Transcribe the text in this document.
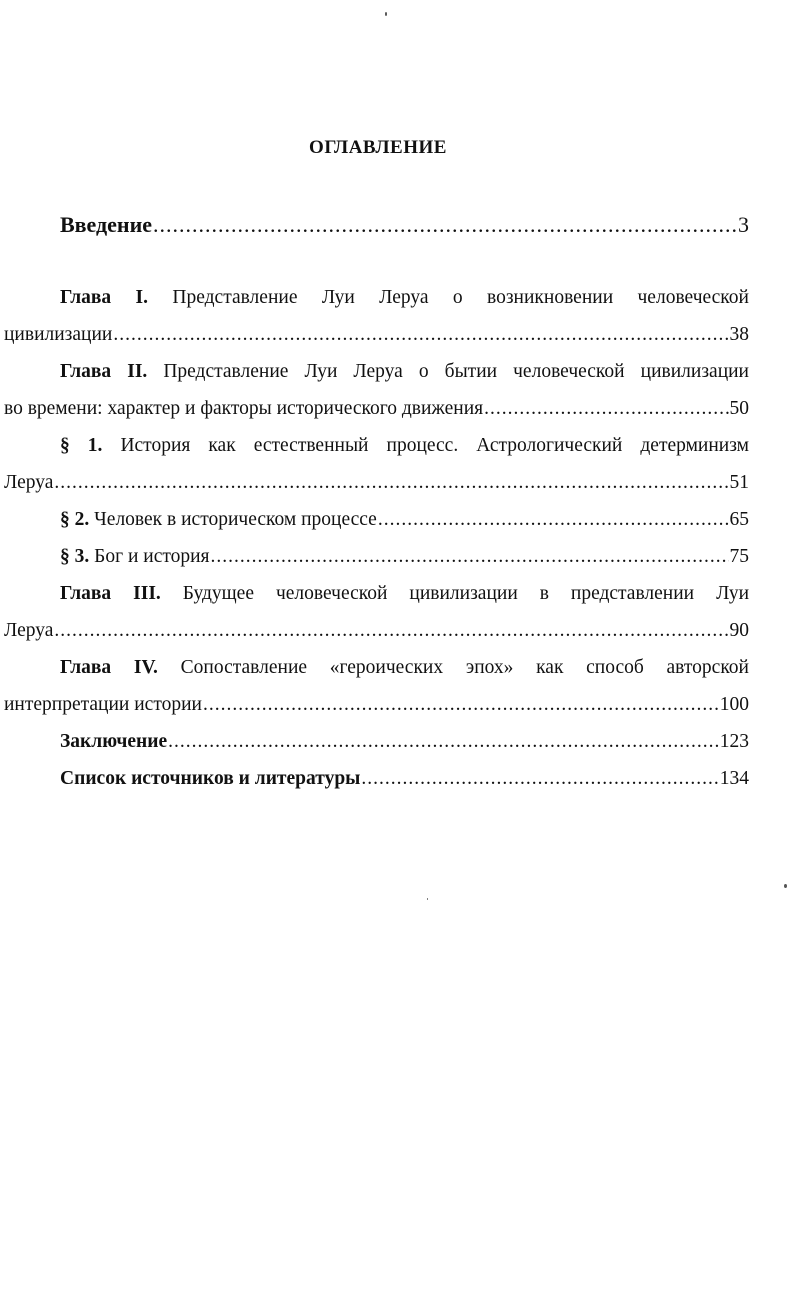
ОГЛАВЛЕНИЕ
Введение .....	3
Глава I. Представление Луи Леруа о возникновении человеческой
цивилизации .....	38
Глава II. Представление Луи Леруа о бытии человеческой цивилизации
во времени: характер и факторы исторического движения .....	50
§ 1. История как естественный процесс. Астрологический детерминизм
Леруа .....	51
§ 2. Человек в историческом процессе .....	65
§ 3. Бог и история .....	75
Глава III. Будущее человеческой цивилизации в представлении Луи
Леруа .....	90
Глава IV. Сопоставление «героических эпох» как способ авторской
интерпретации истории .....	100
Заключение .....	123
Список источников и литературы .....	134
